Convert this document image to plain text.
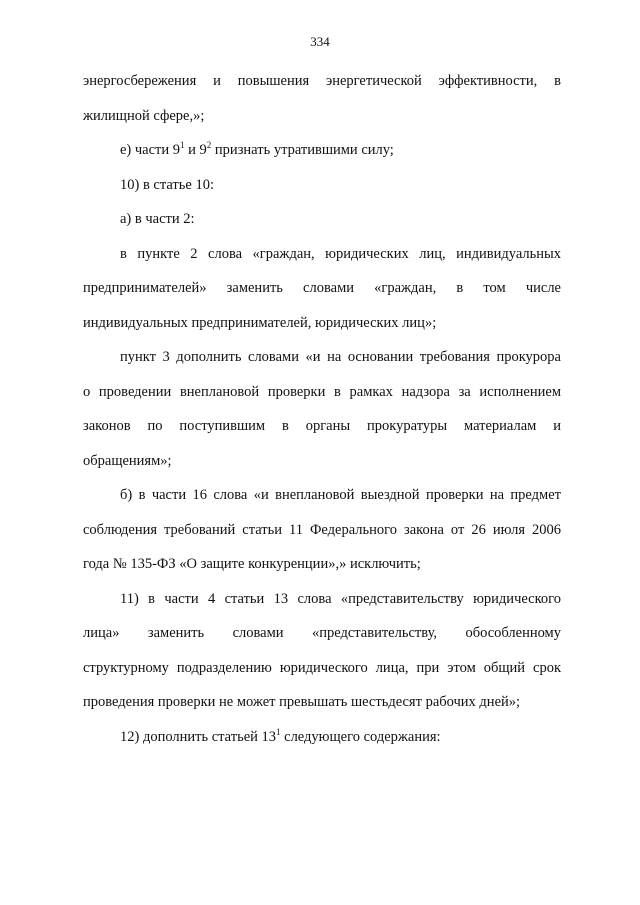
334
энергосбережения и повышения энергетической эффективности, в
жилищной сфере,»;
е) части $9^1$ и $9^2$ признать утратившими силу;
10) в статье 10:
а) в части 2:
в пункте 2 слова «граждан, юридических лиц, индивидуальных
предпринимателей» заменить словами «граждан, в том числе
индивидуальных предпринимателей, юридических лиц»;
пункт 3 дополнить словами «и на основании требования прокурора
о проведении внеплановой проверки в рамках надзора за исполнением
законов по поступившим в органы прокуратуры материалам и
обращениям»;
б) в части 16 слова «и внеплановой выездной проверки на предмет
соблюдения требований статьи 11 Федерального закона от 26 июля 2006
года № 135-ФЗ «О защите конкуренции»,» исключить;
11) в части 4 статьи 13 слова «представительству юридического
лица» заменить словами «представительству, обособленному
структурному подразделению юридического лица, при этом общий срок
проведения проверки не может превышать шестьдесят рабочих дней»;
12) дополнить статьей $13^1$ следующего содержания:
